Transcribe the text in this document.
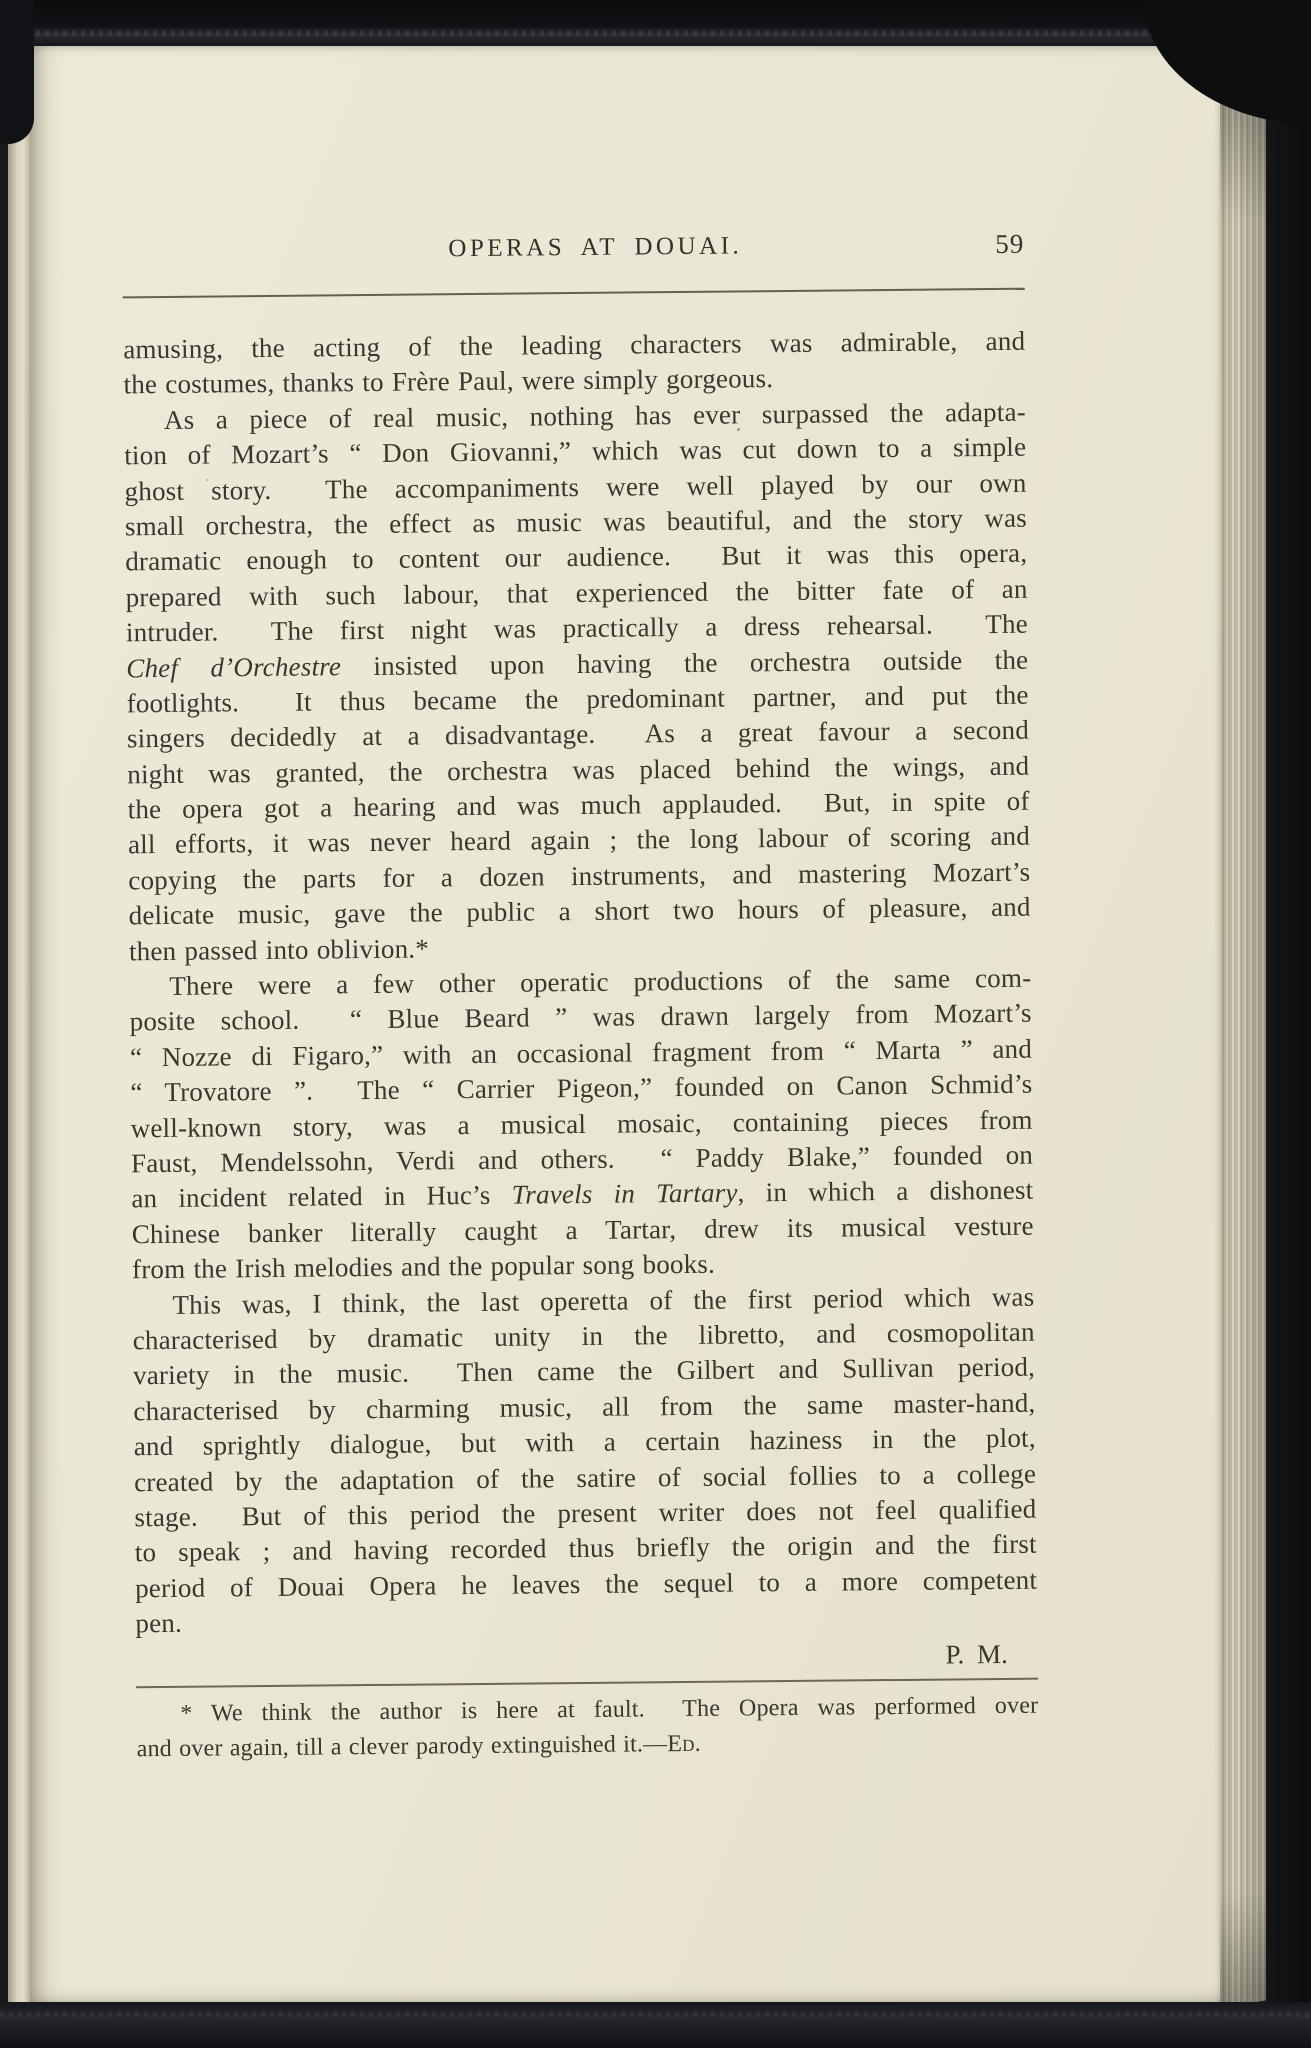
OPERAS AT DOUAI.	59
amusing, the acting of the leading characters was admirable, and
the costumes, thanks to Frère Paul, were simply gorgeous.
As a piece of real music, nothing has ever surpassed the adapta-
tion of Mozart’s “ Don Giovanni,” which was cut down to a simple
ghost story.  The accompaniments were well played by our own
small orchestra, the effect as music was beautiful, and the story was
dramatic enough to content our audience.  But it was this opera,
prepared with such labour, that experienced the bitter fate of an
intruder.  The first night was practically a dress rehearsal.  The
Chef d’Orchestre insisted upon having the orchestra outside the
footlights.  It thus became the predominant partner, and put the
singers decidedly at a disadvantage.  As a great favour a second
night was granted, the orchestra was placed behind the wings, and
the opera got a hearing and was much applauded.  But, in spite of
all efforts, it was never heard again ; the long labour of scoring and
copying the parts for a dozen instruments, and mastering Mozart’s
delicate music, gave the public a short two hours of pleasure, and
then passed into oblivion.*
There were a few other operatic productions of the same com-
posite school.  “ Blue Beard ” was drawn largely from Mozart’s
“ Nozze di Figaro,” with an occasional fragment from “ Marta ” and
“ Trovatore ”.  The “ Carrier Pigeon,” founded on Canon Schmid’s
well-known story, was a musical mosaic, containing pieces from
Faust, Mendelssohn, Verdi and others.  “ Paddy Blake,” founded on
an incident related in Huc’s Travels in Tartary, in which a dishonest
Chinese banker literally caught a Tartar, drew its musical vesture
from the Irish melodies and the popular song books.
This was, I think, the last operetta of the first period which was
characterised by dramatic unity in the libretto, and cosmopolitan
variety in the music.  Then came the Gilbert and Sullivan period,
characterised by charming music, all from the same master-hand,
and sprightly dialogue, but with a certain haziness in the plot,
created by the adaptation of the satire of social follies to a college
stage.  But of this period the present writer does not feel qualified
to speak ; and having recorded thus briefly the origin and the first
period of Douai Opera he leaves the sequel to a more competent
pen.
P. M.
* We think the author is here at fault.  The Opera was performed over
and over again, till a clever parody extinguished it.—Ed.
